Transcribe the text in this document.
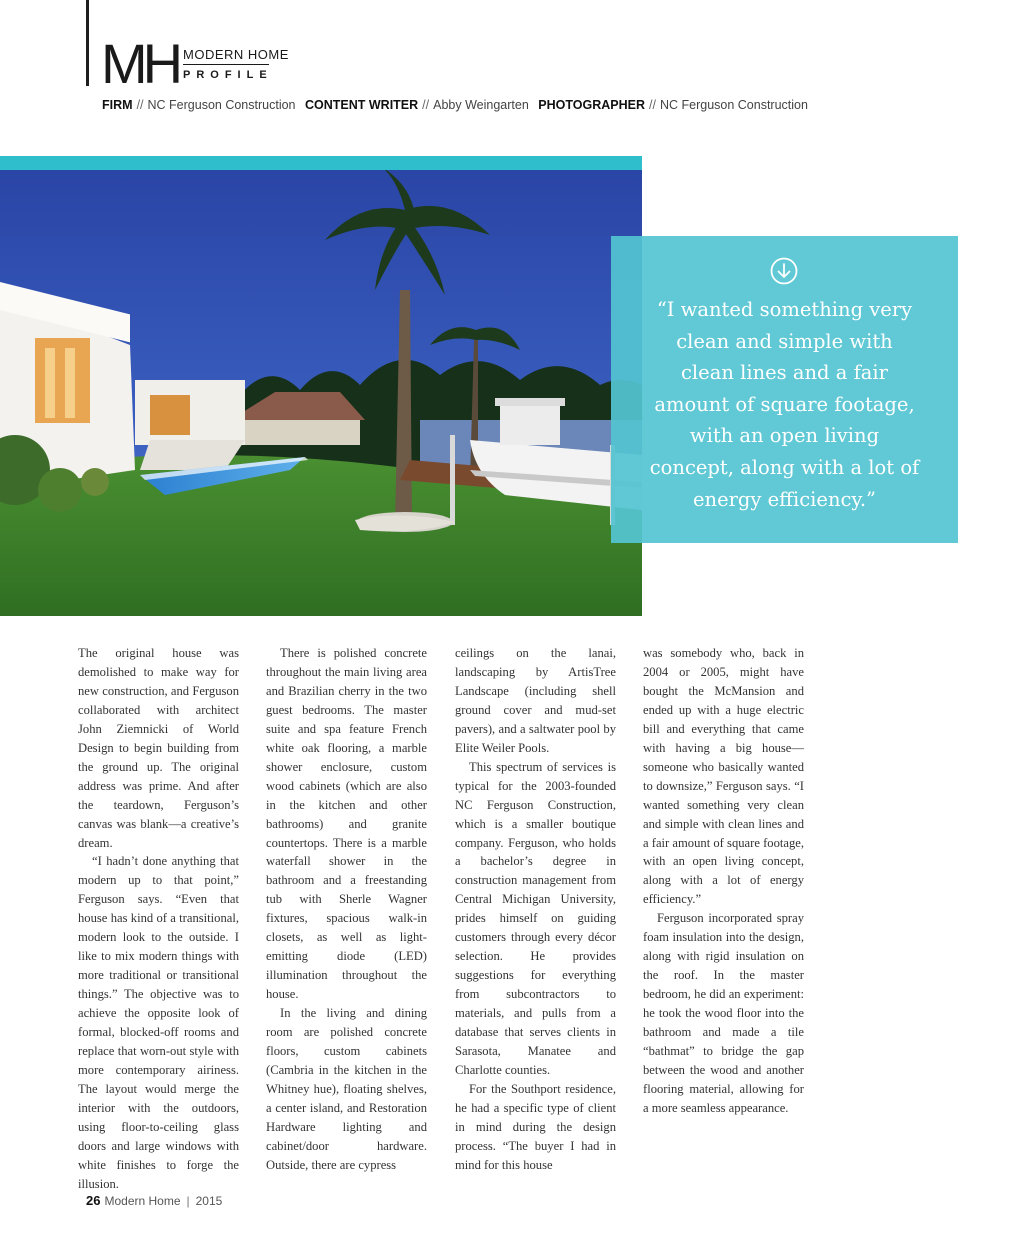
MH MODERN HOME
PROFILE
FIRM // NC Ferguson Construction CONTENT WRITER // Abby Weingarten PHOTOGRAPHER // NC Ferguson Construction
“I wanted something very clean and simple with clean lines and a fair amount of square footage, with an open living concept, along with a lot of energy efficiency.”

The original house was demolished to make way for new construction, and Ferguson collaborated with architect John Ziemnicki of World Design to begin building from the ground up. The original address was prime. And after the teardown, Ferguson’s canvas was blank—a creative’s dream.

“I hadn’t done anything that modern up to that point,” Ferguson says. “Even that house has kind of a transitional, modern look to the outside. I like to mix modern things with more traditional or transitional things.” The objective was to achieve the opposite look of formal, blocked-off rooms and replace that worn-out style with more contemporary airiness. The layout would merge the interior with the outdoors, using floor-to-ceiling glass doors and large windows with white finishes to forge the illusion.

There is polished concrete throughout the main living area and Brazilian cherry in the two guest bedrooms. The master suite and spa feature French white oak flooring, a marble shower enclosure, custom wood cabinets (which are also in the kitchen and other bathrooms) and granite countertops. There is a marble waterfall shower in the bathroom and a freestanding tub with Sherle Wagner fixtures, spacious walk-in closets, as well as light-emitting diode (LED) illumination throughout the house.

In the living and dining room are polished concrete floors, custom cabinets (Cambria in the kitchen in the Whitney hue), floating shelves, a center island, and Restoration Hardware lighting and cabinet/door hardware. Outside, there are cypress

ceilings on the lanai, landscaping by ArtisTree Landscape (including shell ground cover and mud-set pavers), and a saltwater pool by Elite Weiler Pools.

This spectrum of services is typical for the 2003-founded NC Ferguson Construction, which is a smaller boutique company. Ferguson, who holds a bachelor’s degree in construction management from Central Michigan University, prides himself on guiding customers through every décor selection. He provides suggestions for everything from subcontractors to materials, and pulls from a database that serves clients in Sarasota, Manatee and Charlotte counties.

For the Southport residence, he had a specific type of client in mind during the design process. “The buyer I had in mind for this house

was somebody who, back in 2004 or 2005, might have bought the McMansion and ended up with a huge electric bill and everything that came with having a big house—someone who basically wanted to downsize,” Ferguson says. “I wanted something very clean and simple with clean lines and a fair amount of square footage, with an open living concept, along with a lot of energy efficiency.”

Ferguson incorporated spray foam insulation into the design, along with rigid insulation on the roof. In the master bedroom, he did an experiment: he took the wood floor into the bathroom and made a tile “bathmat” to bridge the gap between the wood and another flooring material, allowing for a more seamless appearance.

26 Modern Home | 2015
